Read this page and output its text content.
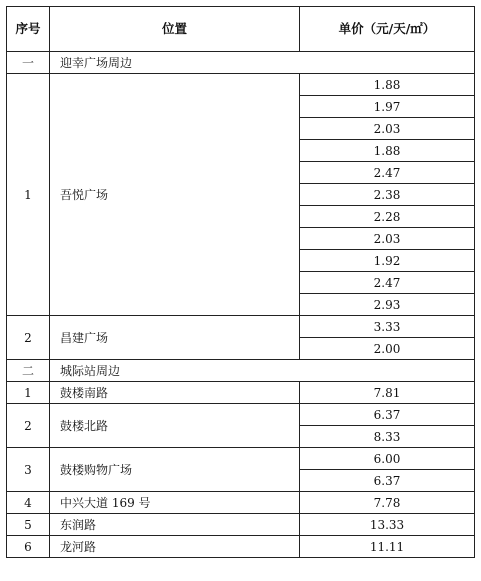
序号	位置	单价（元/天/㎡）
一	迎幸广场周边	
1	吾悦广场	1.88
		1.97
		2.03
		1.88
		2.47
		2.38
		2.28
		2.03
		1.92
		2.47
		2.93
2	昌建广场	3.33
		2.00
二	城际站周边	
1	鼓楼南路	7.81
2	鼓楼北路	6.37
		8.33
3	鼓楼购物广场	6.00
		6.37
4	中兴大道 169 号	7.78
5	东润路	13.33
6	龙河路	11.11
